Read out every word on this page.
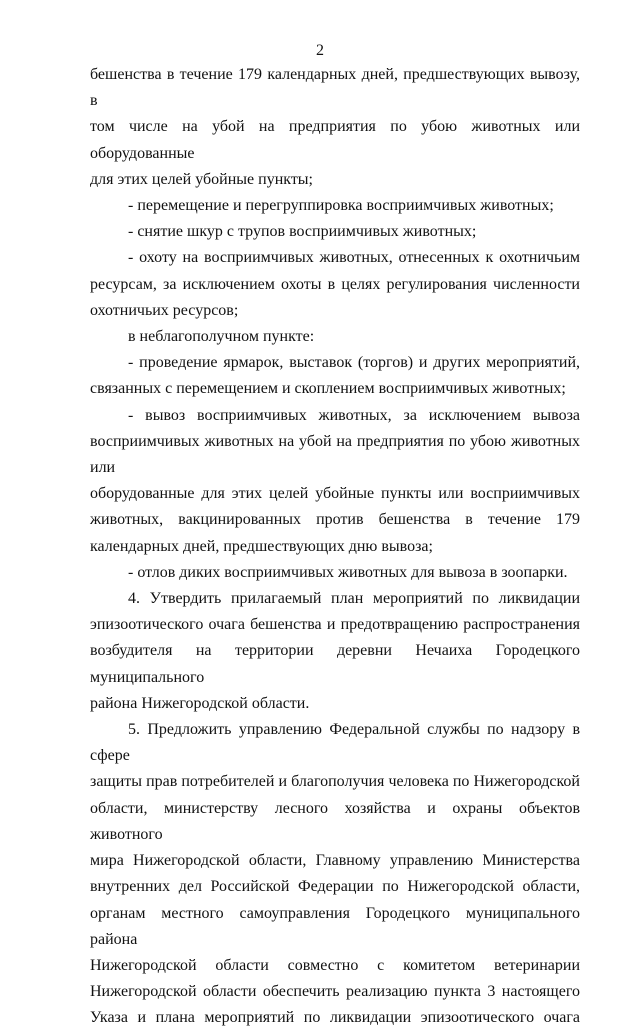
2
бешенства в течение 179 календарных дней, предшествующих вывозу, в
том числе на убой на предприятия по убою животных или оборудованные
для этих целей убойные пункты;
- перемещение и перегруппировка восприимчивых животных;
- снятие шкур с трупов восприимчивых животных;
- охоту на восприимчивых животных, отнесенных к охотничьим
ресурсам, за исключением охоты в целях регулирования численности
охотничьих ресурсов;
в неблагополучном пункте:
- проведение ярмарок, выставок (торгов) и других мероприятий,
связанных с перемещением и скоплением восприимчивых животных;
- вывоз восприимчивых животных, за исключением вывоза
восприимчивых животных на убой на предприятия по убою животных или
оборудованные для этих целей убойные пункты или восприимчивых
животных, вакцинированных против бешенства в течение 179
календарных дней, предшествующих дню вывоза;
- отлов диких восприимчивых животных для вывоза в зоопарки.
4. Утвердить прилагаемый план мероприятий по ликвидации
эпизоотического очага бешенства и предотвращению распространения
возбудителя на территории деревни Нечаиха Городецкого муниципального
района Нижегородской области.
5. Предложить управлению Федеральной службы по надзору в сфере
защиты прав потребителей и благополучия человека по Нижегородской
области, министерству лесного хозяйства и охраны объектов животного
мира Нижегородской области, Главному управлению Министерства
внутренних дел Российской Федерации по Нижегородской области,
органам местного самоуправления Городецкого муниципального района
Нижегородской области совместно с комитетом ветеринарии
Нижегородской области обеспечить реализацию пункта 3 настоящего
Указа и плана мероприятий по ликвидации эпизоотического очага
